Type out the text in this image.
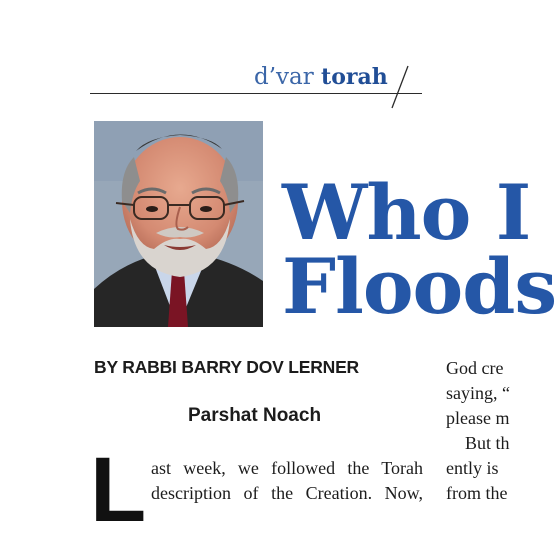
d’var torah
Who I
Floods
BY RABBI BARRY DOV LERNER
Parshat Noach
L ast week, we followed the Torah
description of the Creation. Now,
God cre
saying, “
please m
But th
ently is
from the
